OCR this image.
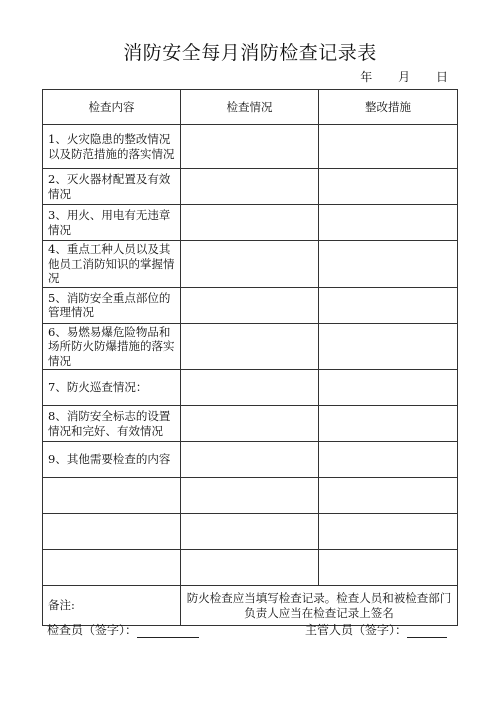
消防安全每月消防检查记录表
年 月 日
检查内容	检查情况	整改措施
1、火灾隐患的整改情况以及防范措施的落实情况		
2、灭火器材配置及有效情况		
3、用火、用电有无违章情况		
4、重点工种人员以及其他员工消防知识的掌握情况		
5、消防安全重点部位的管理情况		
6、易燃易爆危险物品和场所防火防爆措施的落实情况		
7、防火巡查情况：		
8、消防安全标志的设置情况和完好、有效情况		
9、其他需要检查的内容		

备注:	防火检查应当填写检查记录。检查人员和被检查部门负责人应当在检查记录上签名	
检查员（签字）：	主管人员（签字）：
